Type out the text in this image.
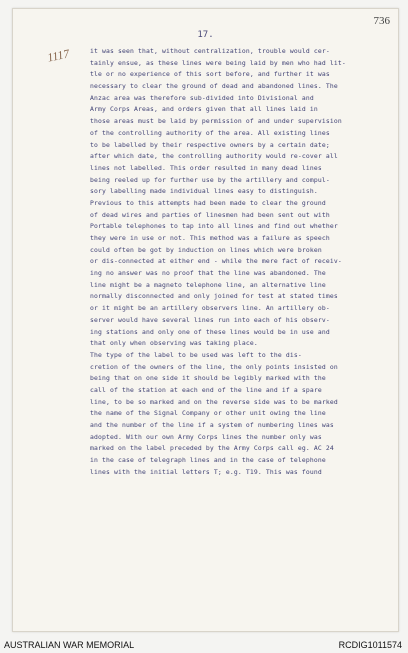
736
17.
1117	it was seen that, without centralization, trouble would cer-
tainly ensue, as these lines were being laid by men who had lit-
tle or no experience of this sort before, and further it was
necessary to clear the ground of dead and abandoned lines. The
Anzac area was therefore sub-divided into Divisional and
Army Corps Areas, and orders given that all lines laid in
those areas must be laid by permission of and under supervision
of the controlling authority of the area. All existing lines
to be labelled by their respective owners by a certain date;
after which date, the controlling authority would re-cover all
lines not labelled. This order resulted in many dead lines
being reeled up for further use by the artillery and compul-
sory labelling made individual lines easy to distinguish.
Previous to this attempts had been made to clear the ground
of dead wires and parties of linesmen had been sent out with
Portable telephones to tap into all lines and find out whether
they were in use or not. This method was a failure as speech
could often be got by induction on lines which were broken
or dis-connected at either end - while the mere fact of receiv-
ing no answer was no proof that the line was abandoned. The
line might be a magneto telephone line, an alternative line
normally disconnected and only joined for test at stated times
or it might be an artillery observers line. An artillery ob-
server would have several lines run into each of his observ-
ing stations and only one of these lines would be in use and
that only when observing was taking place.
The type of the label to be used was left to the dis-
cretion of the owners of the line, the only points insisted on
being that on one side it should be legibly marked with the
call of the station at each end of the line and if a spare
line, to be so marked and on the reverse side was to be marked
the name of the Signal Company or other unit owing the line
and the number of the line if a system of numbering lines was
adopted. With our own Army Corps lines the number only was
marked on the label preceded by the Army Corps call eg. AC 24
in the case of telegraph lines and in the case of telephone
lines with the initial letters T; e.g. T19. This was found
AUSTRALIAN WAR MEMORIAL	RCDIG1011574
